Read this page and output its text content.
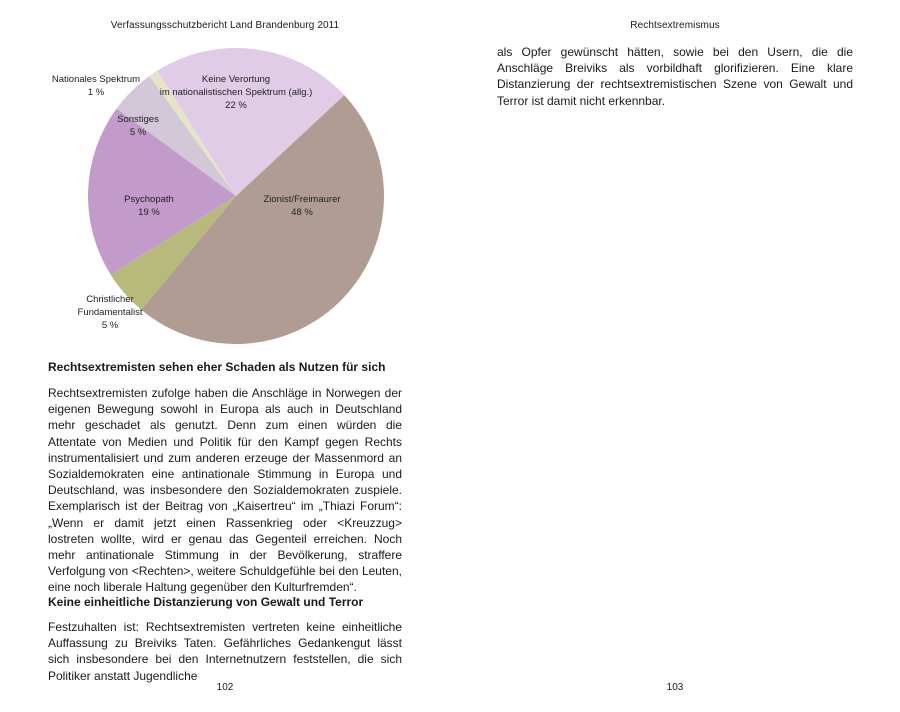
Verfassungsschutzbericht Land Brandenburg 2011
Zionist/Freimaurer 48 %
Christlicher Fundamentalist 5 %
Psychopath 19 %
Sonstiges 5 %
Nationales Spektrum 1 %
Keine Verortung im nationalistischen Spektrum (allg.) 22 %
Rechtsextremisten sehen eher Schaden als Nutzen für sich

Rechtsextremisten zufolge haben die Anschläge in Norwegen der eigenen Bewegung sowohl in Europa als auch in Deutschland mehr geschadet als genutzt. Denn zum einen würden die Attentate von Medien und Politik für den Kampf gegen Rechts instrumentalisiert und zum anderen erzeuge der Massenmord an Sozialdemokraten eine antinationale Stimmung in Europa und Deutschland, was insbesondere den Sozialdemokraten zuspiele. Exemplarisch ist der Beitrag von „Kaisertreu“ im „Thiazi Forum“: „Wenn er damit jetzt einen Rassenkrieg oder <Kreuzzug> lostreten wollte, wird er genau das Gegenteil erreichen. Noch mehr antinationale Stimmung in der Bevölkerung, straffere Verfolgung von <Rechten>, weitere Schuldgefühle bei den Leuten, eine noch liberale Haltung gegenüber den Kulturfremden“.

Keine einheitliche Distanzierung von Gewalt und Terror

Festzuhalten ist: Rechtsextremisten vertreten keine einheitliche Auffassung zu Breiviks Taten. Gefährliches Gedankengut lässt sich insbesondere bei den Internetnutzern feststellen, die sich Politiker anstatt Jugendliche

102
Rechtsextremismus

als Opfer gewünscht hätten, sowie bei den Usern, die die Anschläge Breiviks als vorbildhaft glorifizieren. Eine klare Distanzierung der rechtsextremistischen Szene von Gewalt und Terror ist damit nicht erkennbar.

103
